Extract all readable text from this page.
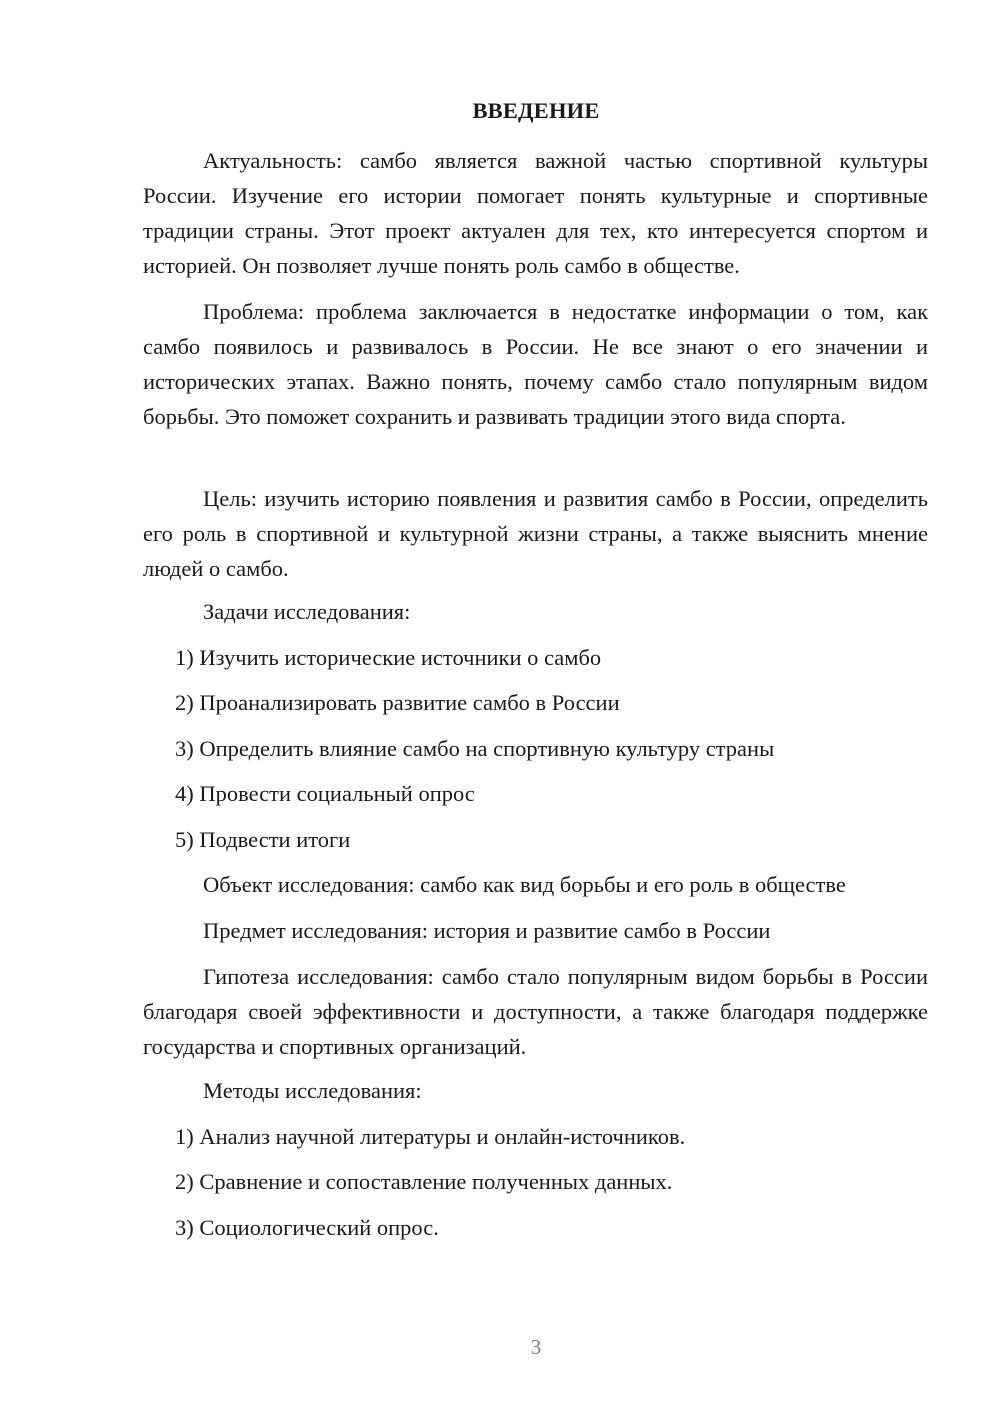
ВВЕДЕНИЕ

Актуальность: самбо является важной частью спортивной культуры России. Изучение его истории помогает понять культурные и спортивные традиции страны. Этот проект актуален для тех, кто интересуется спортом и историей. Он позволяет лучше понять роль самбо в обществе.

Проблема: проблема заключается в недостатке информации о том, как самбо появилось и развивалось в России. Не все знают о его значении и исторических этапах. Важно понять, почему самбо стало популярным видом борьбы. Это поможет сохранить и развивать традиции этого вида спорта.

Цель: изучить историю появления и развития самбо в России, определить его роль в спортивной и культурной жизни страны, а также выяснить мнение людей о самбо.

Задачи исследования:

1) Изучить исторические источники о самбо

2) Проанализировать развитие самбо в России

3) Определить влияние самбо на спортивную культуру страны

4) Провести социальный опрос

5) Подвести итоги

Объект исследования: самбо как вид борьбы и его роль в обществе

Предмет исследования: история и развитие самбо в России

Гипотеза исследования: самбо стало популярным видом борьбы в России благодаря своей эффективности и доступности, а также благодаря поддержке государства и спортивных организаций.

Методы исследования:

1) Анализ научной литературы и онлайн-источников.

2) Сравнение и сопоставление полученных данных.

3) Социологический опрос.

3
